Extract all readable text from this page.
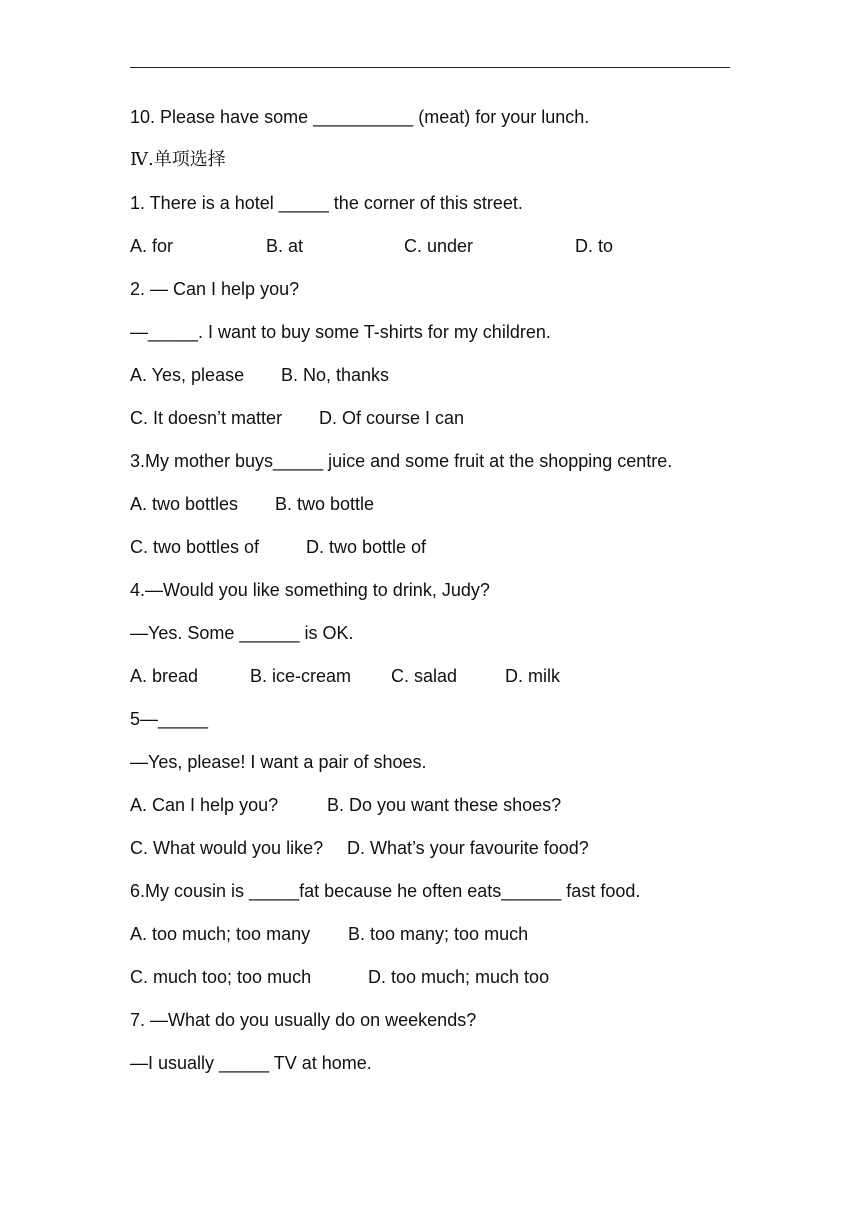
10. Please have some __________ (meat) for your lunch.
Ⅳ.单项选择
1. There is a hotel _____ the corner of this street.
A. for	B. at	C. under	D. to
2. — Can I help you?
—_____. I want to buy some T-shirts for my children.
A. Yes, please	B. No, thanks
C. It doesn’t matter	D. Of course I can
3.My mother buys_____ juice and some fruit at the shopping centre.
A. two bottles	B. two bottle
C. two bottles of	D. two bottle of
4.—Would you like something to drink, Judy?
—Yes. Some ______ is OK.
A. bread	B. ice-cream	C. salad	D. milk
5—_____
—Yes, please! I want a pair of shoes.
A. Can I help you?	B. Do you want these shoes?
C. What would you like?	D. What’s your favourite food?
6.My cousin is _____fat because he often eats______ fast food.
A. too much; too many	B. too many; too much
C. much too; too much	D. too much; much too
7. —What do you usually do on weekends?
—I usually _____ TV at home.
